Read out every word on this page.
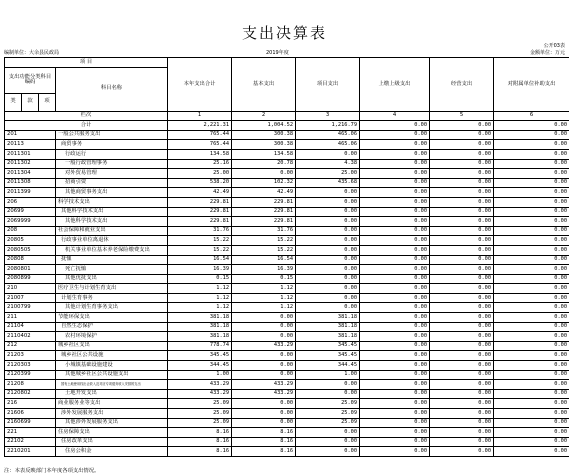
支出决算表
公开03表
编制单位：大余县民政局	2019年度	金额单位：万元
项 目				本年支出合计	基本支出	项目支出	上缴上级支出	经营支出	对附属单位补助支出
支出功能分类科目编码			科目名称						
类	款	项							
栏次				1	2	3	4	5	6
合计				2,221.31	1,004.52	1,216.79	0.00	0.00	0.00
201			一般公共服务支出	765.44	300.38	465.06	0.00	0.00	0.00
20113			商贸事务	765.44	300.38	465.06	0.00	0.00	0.00
2011301			行政运行	134.58	134.58	0.00	0.00	0.00	0.00
2011302			一般行政管理事务	25.16	20.78	4.38	0.00	0.00	0.00
2011304			对外贸易管理	25.00	0.00	25.00	0.00	0.00	0.00
2011308			招商引资	538.20	102.32	435.68	0.00	0.00	0.00
2011399			其他商贸事务支出	42.49	42.49	0.00	0.00	0.00	0.00
206			科学技术支出	229.81	229.81	0.00	0.00	0.00	0.00
20699			其他科学技术支出	229.81	229.81	0.00	0.00	0.00	0.00
2069999			其他科学技术支出	229.81	229.81	0.00	0.00	0.00	0.00
208			社会保障和就业支出	31.76	31.76	0.00	0.00	0.00	0.00
20805			行政事业单位离退休	15.22	15.22	0.00	0.00	0.00	0.00
2080505			机关事业单位基本养老保险缴费支出	15.22	15.22	0.00	0.00	0.00	0.00
20808			抚恤	16.54	16.54	0.00	0.00	0.00	0.00
2080801			死亡抚恤	16.39	16.39	0.00	0.00	0.00	0.00
2080899			其他优抚支出	0.15	0.15	0.00	0.00	0.00	0.00
210			医疗卫生与计划生育支出	1.12	1.12	0.00	0.00	0.00	0.00
21007			计划生育事务	1.12	1.12	0.00	0.00	0.00	0.00
2100799			其他计划生育事务支出	1.12	1.12	0.00	0.00	0.00	0.00
211			节能环保支出	381.18	0.00	381.18	0.00	0.00	0.00
21104			自然生态保护	381.18	0.00	381.18	0.00	0.00	0.00
2110402			农村环境保护	381.18	0.00	381.18	0.00	0.00	0.00
212			城乡社区支出	778.74	433.29	345.45	0.00	0.00	0.00
21203			城乡社区公共设施	345.45	0.00	345.45	0.00	0.00	0.00
2120303			小城镇基础设施建设	344.45	0.00	344.45	0.00	0.00	0.00
2120399			其他城乡社区公共设施支出	1.00	0.00	1.00	0.00	0.00	0.00
21208			国有土地使用权出让收入及对应专项债务收入安排的支出	433.29	433.29	0.00	0.00	0.00	0.00
2120802			土地开发支出	433.29	433.29	0.00	0.00	0.00	0.00
216			商业服务业等支出	25.09	0.00	25.09	0.00	0.00	0.00
21606			涉外发展服务支出	25.09	0.00	25.09	0.00	0.00	0.00
2160699			其他涉外发展服务支出	25.09	0.00	25.09	0.00	0.00	0.00
221			住房保障支出	8.16	8.16	0.00	0.00	0.00	0.00
22102			住房改革支出	8.16	8.16	0.00	0.00	0.00	0.00
2210201			住房公积金	8.16	8.16	0.00	0.00	0.00	0.00
注：本表反映部门本年度各项支出情况。
